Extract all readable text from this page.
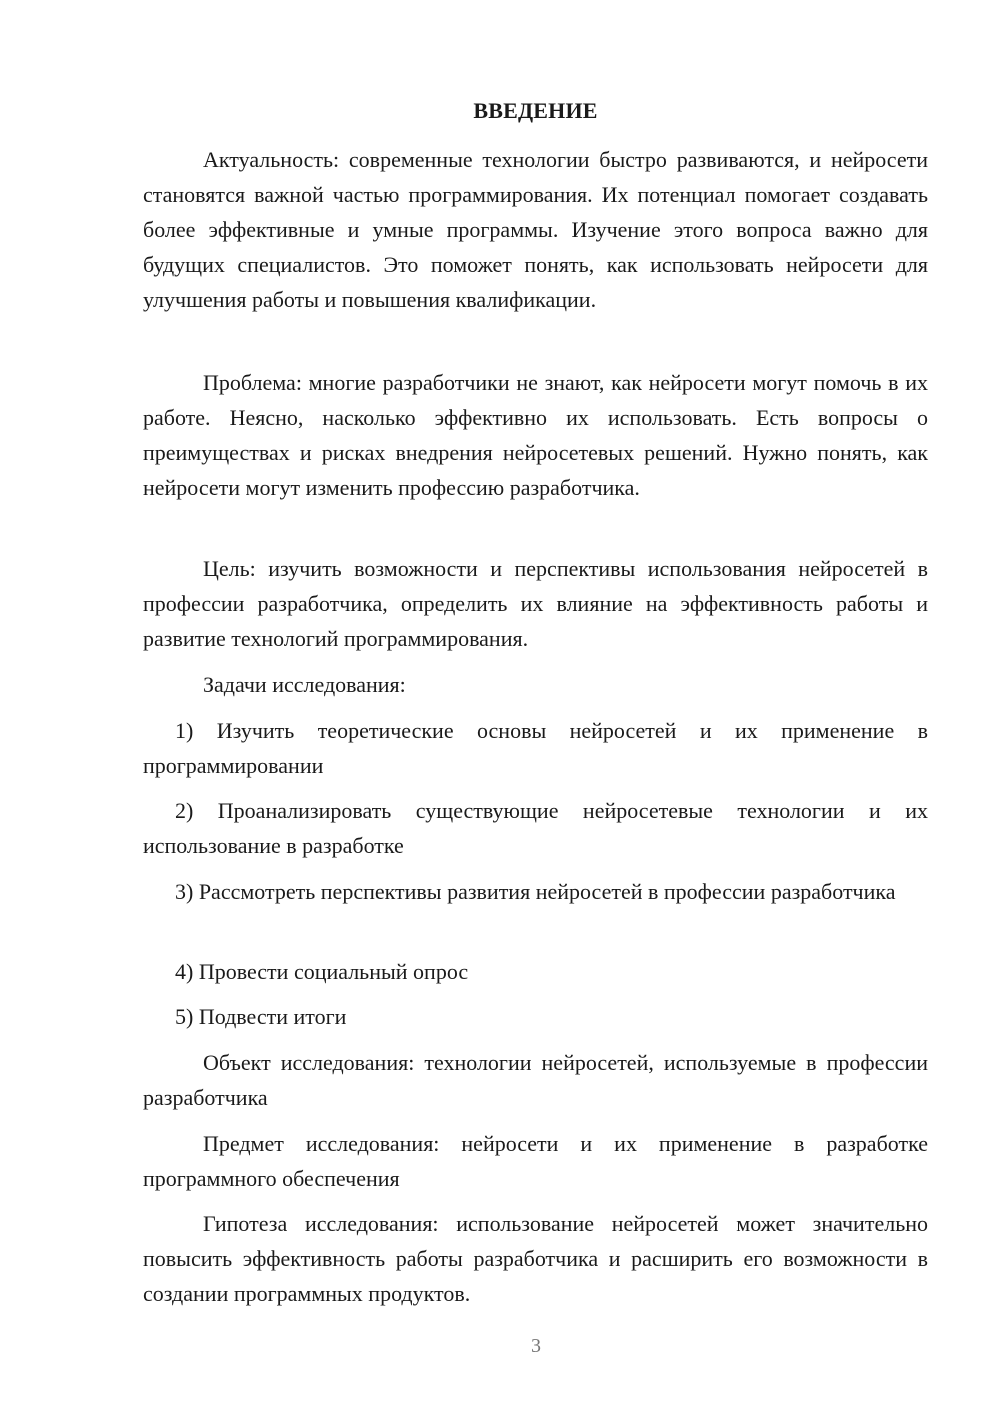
ВВЕДЕНИЕ

Актуальность: современные технологии быстро развиваются, и нейросети становятся важной частью программирования. Их потенциал помогает создавать более эффективные и умные программы. Изучение этого вопроса важно для будущих специалистов. Это поможет понять, как использовать нейросети для улучшения работы и повышения квалификации.

Проблема: многие разработчики не знают, как нейросети могут помочь в их работе. Неясно, насколько эффективно их использовать. Есть вопросы о преимуществах и рисках внедрения нейросетевых решений. Нужно понять, как нейросети могут изменить профессию разработчика.

Цель: изучить возможности и перспективы использования нейросетей в профессии разработчика, определить их влияние на эффективность работы и развитие технологий программирования.

Задачи исследования:

1) Изучить теоретические основы нейросетей и их применение в программировании

2) Проанализировать существующие нейросетевые технологии и их использование в разработке

3) Рассмотреть перспективы развития нейросетей в профессии разработчика

4) Провести социальный опрос

5) Подвести итоги

Объект исследования: технологии нейросетей, используемые в профессии разработчика

Предмет исследования: нейросети и их применение в разработке программного обеспечения

Гипотеза исследования: использование нейросетей может значительно повысить эффективность работы разработчика и расширить его возможности в создании программных продуктов.

3
